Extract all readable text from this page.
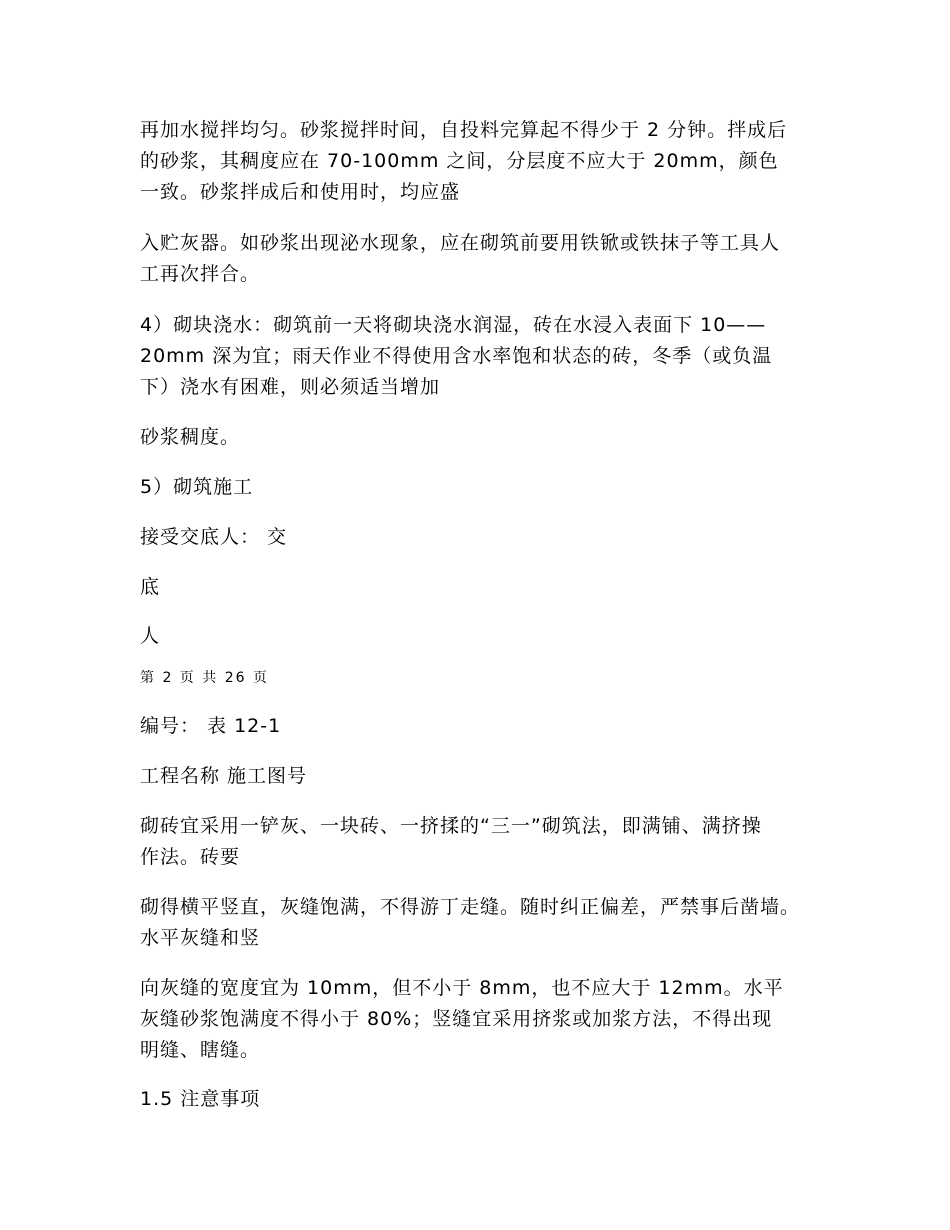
再加水搅拌均匀。砂浆搅拌时间，自投料完算起不得少于 2 分钟。拌成后
的砂浆，其稠度应在 70-100mm 之间，分层度不应大于 20mm，颜色
一致。砂浆拌成后和使用时，均应盛

入贮灰器。如砂浆出现泌水现象，应在砌筑前要用铁锨或铁抹子等工具人
工再次拌合。

4）砌块浇水：砌筑前一天将砌块浇水润湿，砖在水浸入表面下 10——
20mm 深为宜；雨天作业不得使用含水率饱和状态的砖，冬季（或负温
下）浇水有困难，则必须适当增加

砂浆稠度。

5）砌筑施工

接受交底人： 交

底

人

第 2 页 共 26 页

编号： 表 12-1

工程名称 施工图号

砌砖宜采用一铲灰、一块砖、一挤揉的“三一”砌筑法，即满铺、满挤操
作法。砖要

砌得横平竖直，灰缝饱满，不得游丁走缝。随时纠正偏差，严禁事后凿墙。
水平灰缝和竖

向灰缝的宽度宜为 10mm，但不小于 8mm，也不应大于 12mm。水平
灰缝砂浆饱满度不得小于 80%；竖缝宜采用挤浆或加浆方法，不得出现
明缝、瞎缝。

1.5 注意事项
